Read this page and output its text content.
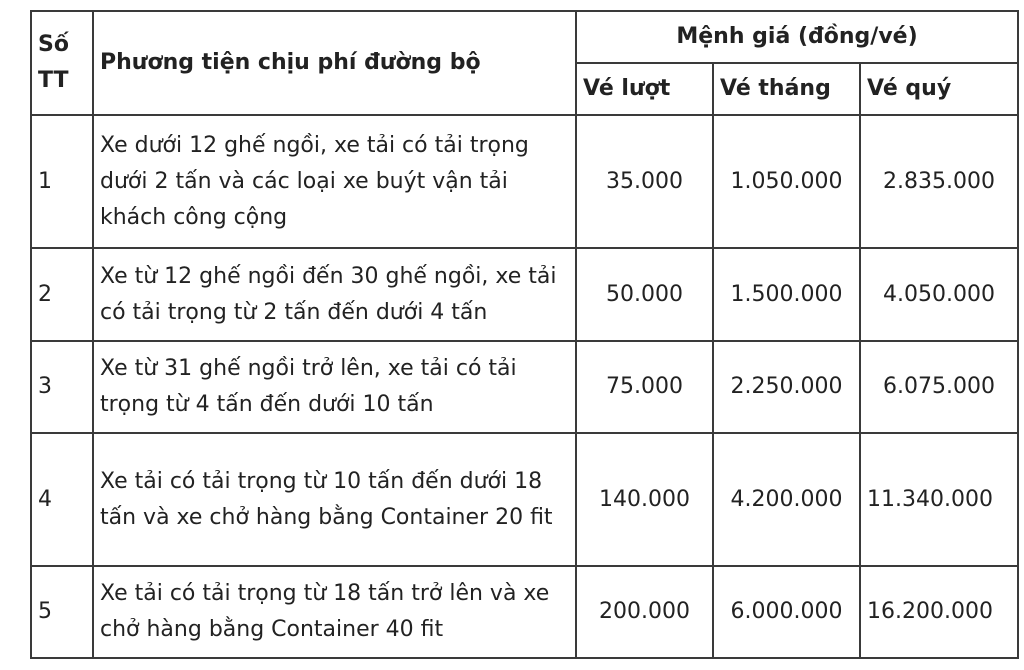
Số TT	Phương tiện chịu phí đường bộ	Mệnh giá (đồng/vé)		
		Vé lượt	Vé tháng	Vé quý
1	Xe dưới 12 ghế ngồi, xe tải có tải trọng dưới 2 tấn và các loại xe buýt vận tải khách công cộng	35.000	1.050.000	2.835.000
2	Xe từ 12 ghế ngồi đến 30 ghế ngồi, xe tải có tải trọng từ 2 tấn đến dưới 4 tấn	50.000	1.500.000	4.050.000
3	Xe từ 31 ghế ngồi trở lên, xe tải có tải trọng từ 4 tấn đến dưới 10 tấn	75.000	2.250.000	6.075.000
4	Xe tải có tải trọng từ 10 tấn đến dưới 18 tấn và xe chở hàng bằng Container 20 fit	140.000	4.200.000	11.340.000
5	Xe tải có tải trọng từ 18 tấn trở lên và xe chở hàng bằng Container 40 fit	200.000	6.000.000	16.200.000
